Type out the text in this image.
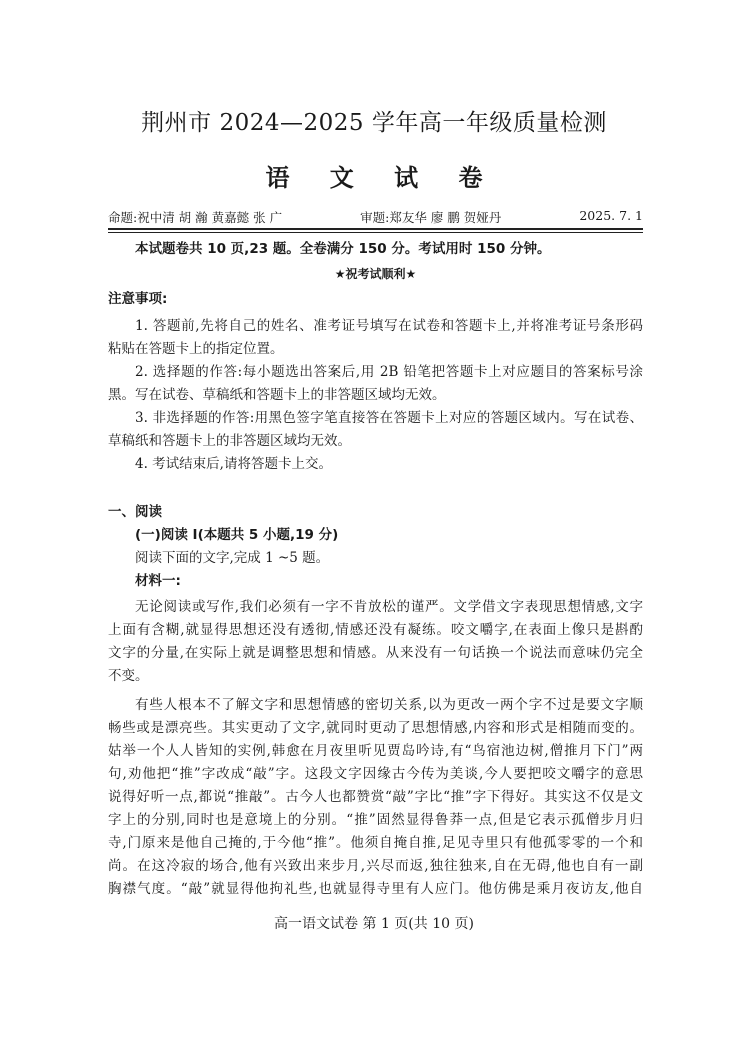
荆州市 2024—2025 学年高一年级质量检测
语 文 试 卷
命题:祝中清 胡 瀚 黄嘉懿 张 广	审题:郑友华 廖 鹏 贺娅丹	2025. 7. 1
本试题卷共 10 页,23 题。全卷满分 150 分。考试用时 150 分钟。
★祝考试顺利★
注意事项:
1. 答题前,先将自己的姓名、准考证号填写在试卷和答题卡上,并将准考证号条形码
粘贴在答题卡上的指定位置。
2. 选择题的作答:每小题选出答案后,用 2B 铅笔把答题卡上对应题目的答案标号涂
黑。写在试卷、草稿纸和答题卡上的非答题区域均无效。
3. 非选择题的作答:用黑色签字笔直接答在答题卡上对应的答题区域内。写在试卷、
草稿纸和答题卡上的非答题区域均无效。
4. 考试结束后,请将答题卡上交。
一、阅读
(一)阅读 I(本题共 5 小题,19 分)
阅读下面的文字,完成 1 ~5 题。
材料一:
无论阅读或写作,我们必须有一字不肯放松的谨严。文学借文字表现思想情感,文字
上面有含糊,就显得思想还没有透彻,情感还没有凝练。咬文嚼字,在表面上像只是斟酌
文字的分量,在实际上就是调整思想和情感。从来没有一句话换一个说法而意味仍完全
不变。
有些人根本不了解文字和思想情感的密切关系,以为更改一两个字不过是要文字顺
畅些或是漂亮些。其实更动了文字,就同时更动了思想情感,内容和形式是相随而变的。
姑举一个人人皆知的实例,韩愈在月夜里听见贾岛吟诗,有“鸟宿池边树,僧推月下门”两
句,劝他把“推”字改成“敲”字。这段文字因缘古今传为美谈,今人要把咬文嚼字的意思
说得好听一点,都说“推敲”。古今人也都赞赏“敲”字比“推”字下得好。其实这不仅是文
字上的分别,同时也是意境上的分别。“推”固然显得鲁莽一点,但是它表示孤僧步月归
寺,门原来是他自己掩的,于今他“推”。他须自掩自推,足见寺里只有他孤零零的一个和
尚。在这冷寂的场合,他有兴致出来步月,兴尽而返,独往独来,自在无碍,他也自有一副
胸襟气度。“敲”就显得他拘礼些,也就显得寺里有人应门。他仿佛是乘月夜访友,他自
高一语文试卷 第 1 页(共 10 页)
